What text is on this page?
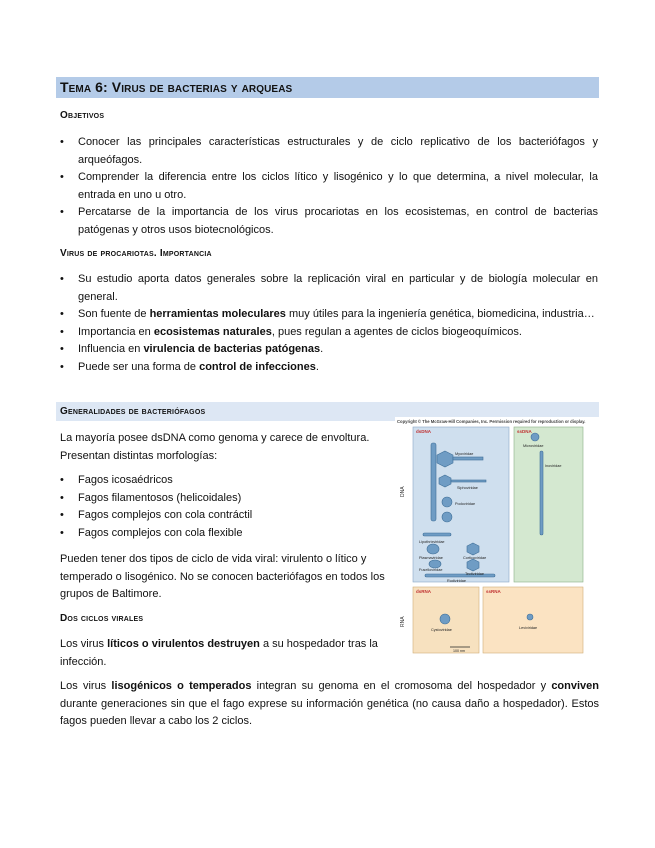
Tema 6: Virus de bacterias y arqueas
Objetivos
• Conocer las principales características estructurales y de ciclo replicativo de los bacteriófagos y arqueófagos.
• Comprender la diferencia entre los ciclos lítico y lisogénico y lo que determina, a nivel molecular, la entrada en uno u otro.
• Percatarse de la importancia de los virus procariotas en los ecosistemas, en control de bacterias patógenas y otros usos biotecnológicos.
Virus de procariotas. Importancia
• Su estudio aporta datos generales sobre la replicación viral en particular y de biología molecular en general.
• Son fuente de herramientas moleculares muy útiles para la ingeniería genética, biomedicina, industria…
• Importancia en ecosistemas naturales, pues regulan a agentes de ciclos biogeoquímicos.
• Influencia en virulencia de bacterias patógenas.
• Puede ser una forma de control de infecciones.
Generalidades de bacteriófagos
La mayoría posee dsDNA como genoma y carece de envoltura. Presentan distintas morfologías:
• Fagos icosaédricos
• Fagos filamentosos (helicoidales)
• Fagos complejos con cola contráctil
• Fagos complejos con cola flexible
Pueden tener dos tipos de ciclo de vida viral: virulento o lítico y temperado o lisogénico. No se conocen bacteriófagos en todos los grupos de Baltimore.
Dos ciclos virales
Los virus líticos o virulentos destruyen a su hospedador tras la infección.
Los virus lisogénicos o temperados integran su genoma en el cromosoma del hospedador y conviven durante generaciones sin que el fago exprese su información genética (no causa daño a hospedador). Estos fagos pueden llevar a cabo los 2 ciclos.
Copyright © The McGraw-Hill Companies, Inc. Permission required for reproduction or display.
DNA
RNA
dsDNA	ssDNA
dsRNA	ssRNA
Myoviridae
Siphoviridae
Podoviridae
Lipothrixviridae
Plasmaviridae	Corticoviridae
Fuselloviridae
Tectiviridae
Rudiviridae
Microviridae
Inoviridae
Cystoviridae	Leviviridae
100 nm
